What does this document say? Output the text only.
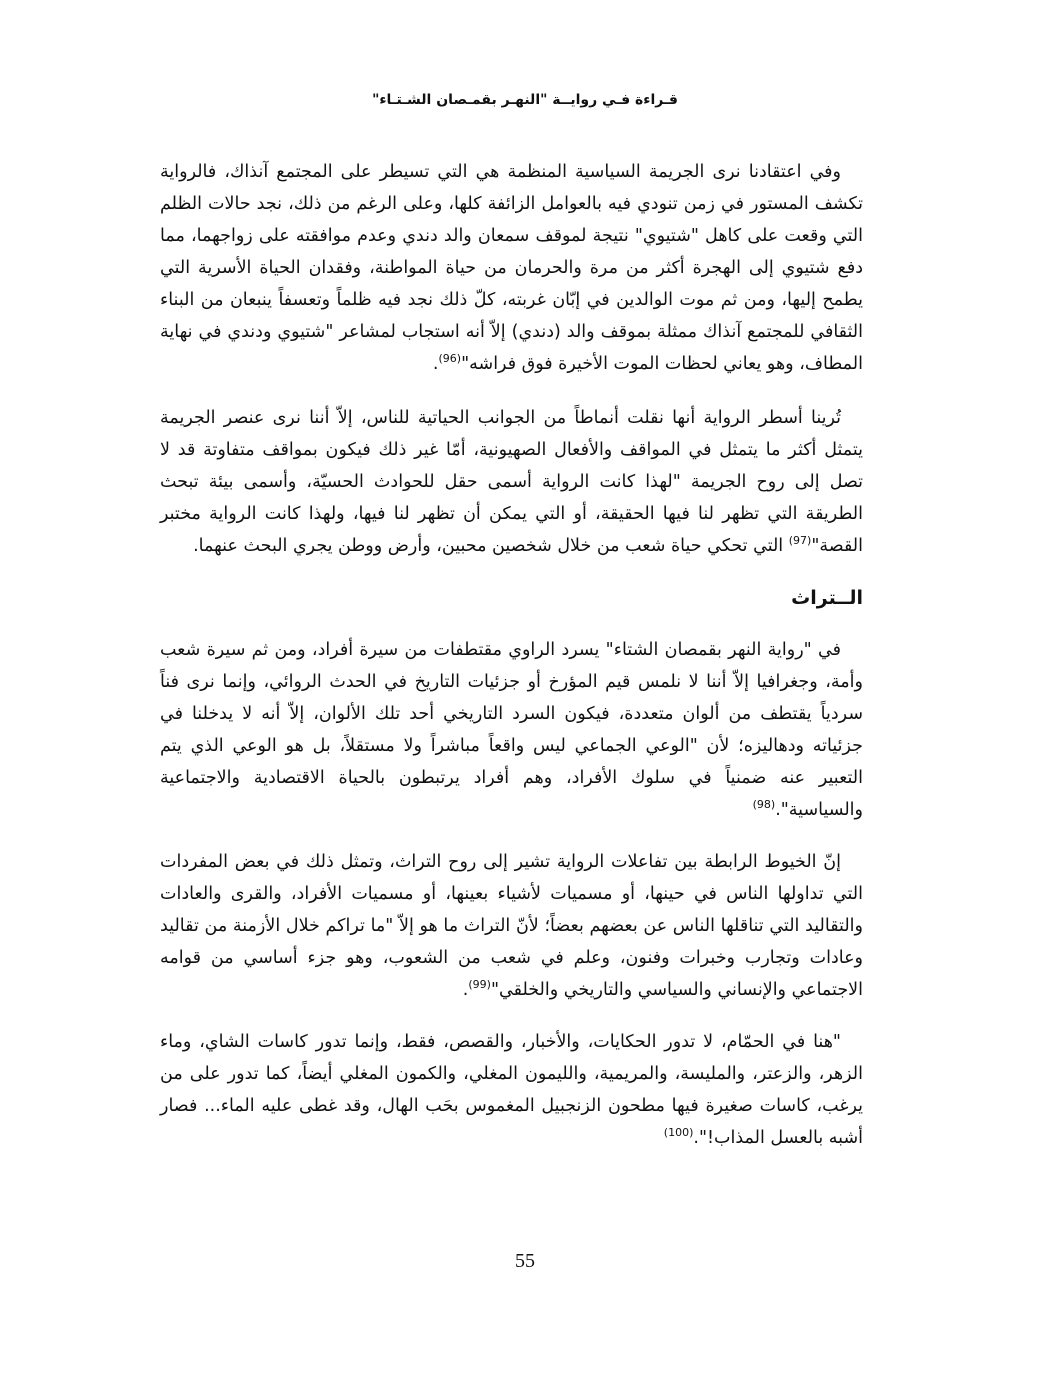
قـراءة فـي روايــة "النهـر بقمـصان الشـتـاء"

وفي اعتقادنا نرى الجريمة السياسية المنظمة هي التي تسيطر على المجتمع آنذاك، فالرواية تكشف المستور في زمن تنودي فيه بالعوامل الزائفة كلها، وعلى الرغم من ذلك، نجد حالات الظلم التي وقعت على كاهل "شتيوي" نتيجة لموقف سمعان والد دندي وعدم موافقته على زواجهما، مما دفع شتيوي إلى الهجرة أكثر من مرة والحرمان من حياة المواطنة، وفقدان الحياة الأسرية التي يطمح إليها، ومن ثم موت الوالدين في إبّان غربته، كلّ ذلك نجد فيه ظلماً وتعسفاً ينبعان من البناء الثقافي للمجتمع آنذاك ممثلة بموقف والد (دندي) إلاّ أنه استجاب لمشاعر "شتيوي ودندي في نهاية المطاف، وهو يعاني لحظات الموت الأخيرة فوق فراشه"$^{(96)}$.

تُرينا أسطر الرواية أنها نقلت أنماطاً من الجوانب الحياتية للناس، إلاّ أننا نرى عنصر الجريمة يتمثل أكثر ما يتمثل في المواقف والأفعال الصهيونية، أمّا غير ذلك فيكون بمواقف متفاوتة قد لا تصل إلى روح الجريمة "لهذا كانت الرواية أسمى حقل للحوادث الحسيّة، وأسمى بيئة تبحث الطريقة التي تظهر لنا فيها الحقيقة، أو التي يمكن أن تظهر لنا فيها، ولهذا كانت الرواية مختبر القصة"$^{(97)}$ التي تحكي حياة شعب من خلال شخصين محبين، وأرض ووطن يجري البحث عنهما.

الــتراث

في "رواية النهر بقمصان الشتاء" يسرد الراوي مقتطفات من سيرة أفراد، ومن ثم سيرة شعب وأمة، وجغرافيا إلاّ أننا لا نلمس قيم المؤرخ أو جزئيات التاريخ في الحدث الروائي، وإنما نرى فناً سردياً يقتطف من ألوان متعددة، فيكون السرد التاريخي أحد تلك الألوان، إلاّ أنه لا يدخلنا في جزئياته ودهاليزه؛ لأن "الوعي الجماعي ليس واقعاً مباشراً ولا مستقلاً، بل هو الوعي الذي يتم التعبير عنه ضمنياً في سلوك الأفراد، وهم أفراد يرتبطون بالحياة الاقتصادية والاجتماعية والسياسية".$^{(98)}$

إنّ الخيوط الرابطة بين تفاعلات الرواية تشير إلى روح التراث، وتمثل ذلك في بعض المفردات التي تداولها الناس في حينها، أو مسميات لأشياء بعينها، أو مسميات الأفراد، والقرى والعادات والتقاليد التي تناقلها الناس عن بعضهم بعضاً؛ لأنّ التراث ما هو إلاّ "ما تراكم خلال الأزمنة من تقاليد وعادات وتجارب وخبرات وفنون، وعلم في شعب من الشعوب، وهو جزء أساسي من قوامه الاجتماعي والإنساني والسياسي والتاريخي والخلقي"$^{(99)}$.

"هنا في الحمّام، لا تدور الحكايات، والأخبار، والقصص، فقط، وإنما تدور كاسات الشاي، وماء الزهر، والزعتر، والمليسة، والمريمية، والليمون المغلي، والكمون المغلي أيضاً، كما تدور على من يرغب، كاسات صغيرة فيها مطحون الزنجبيل المغموس بحَب الهال، وقد غطى عليه الماء... فصار أشبه بالعسل المذاب!".$^{(100)}$

55
